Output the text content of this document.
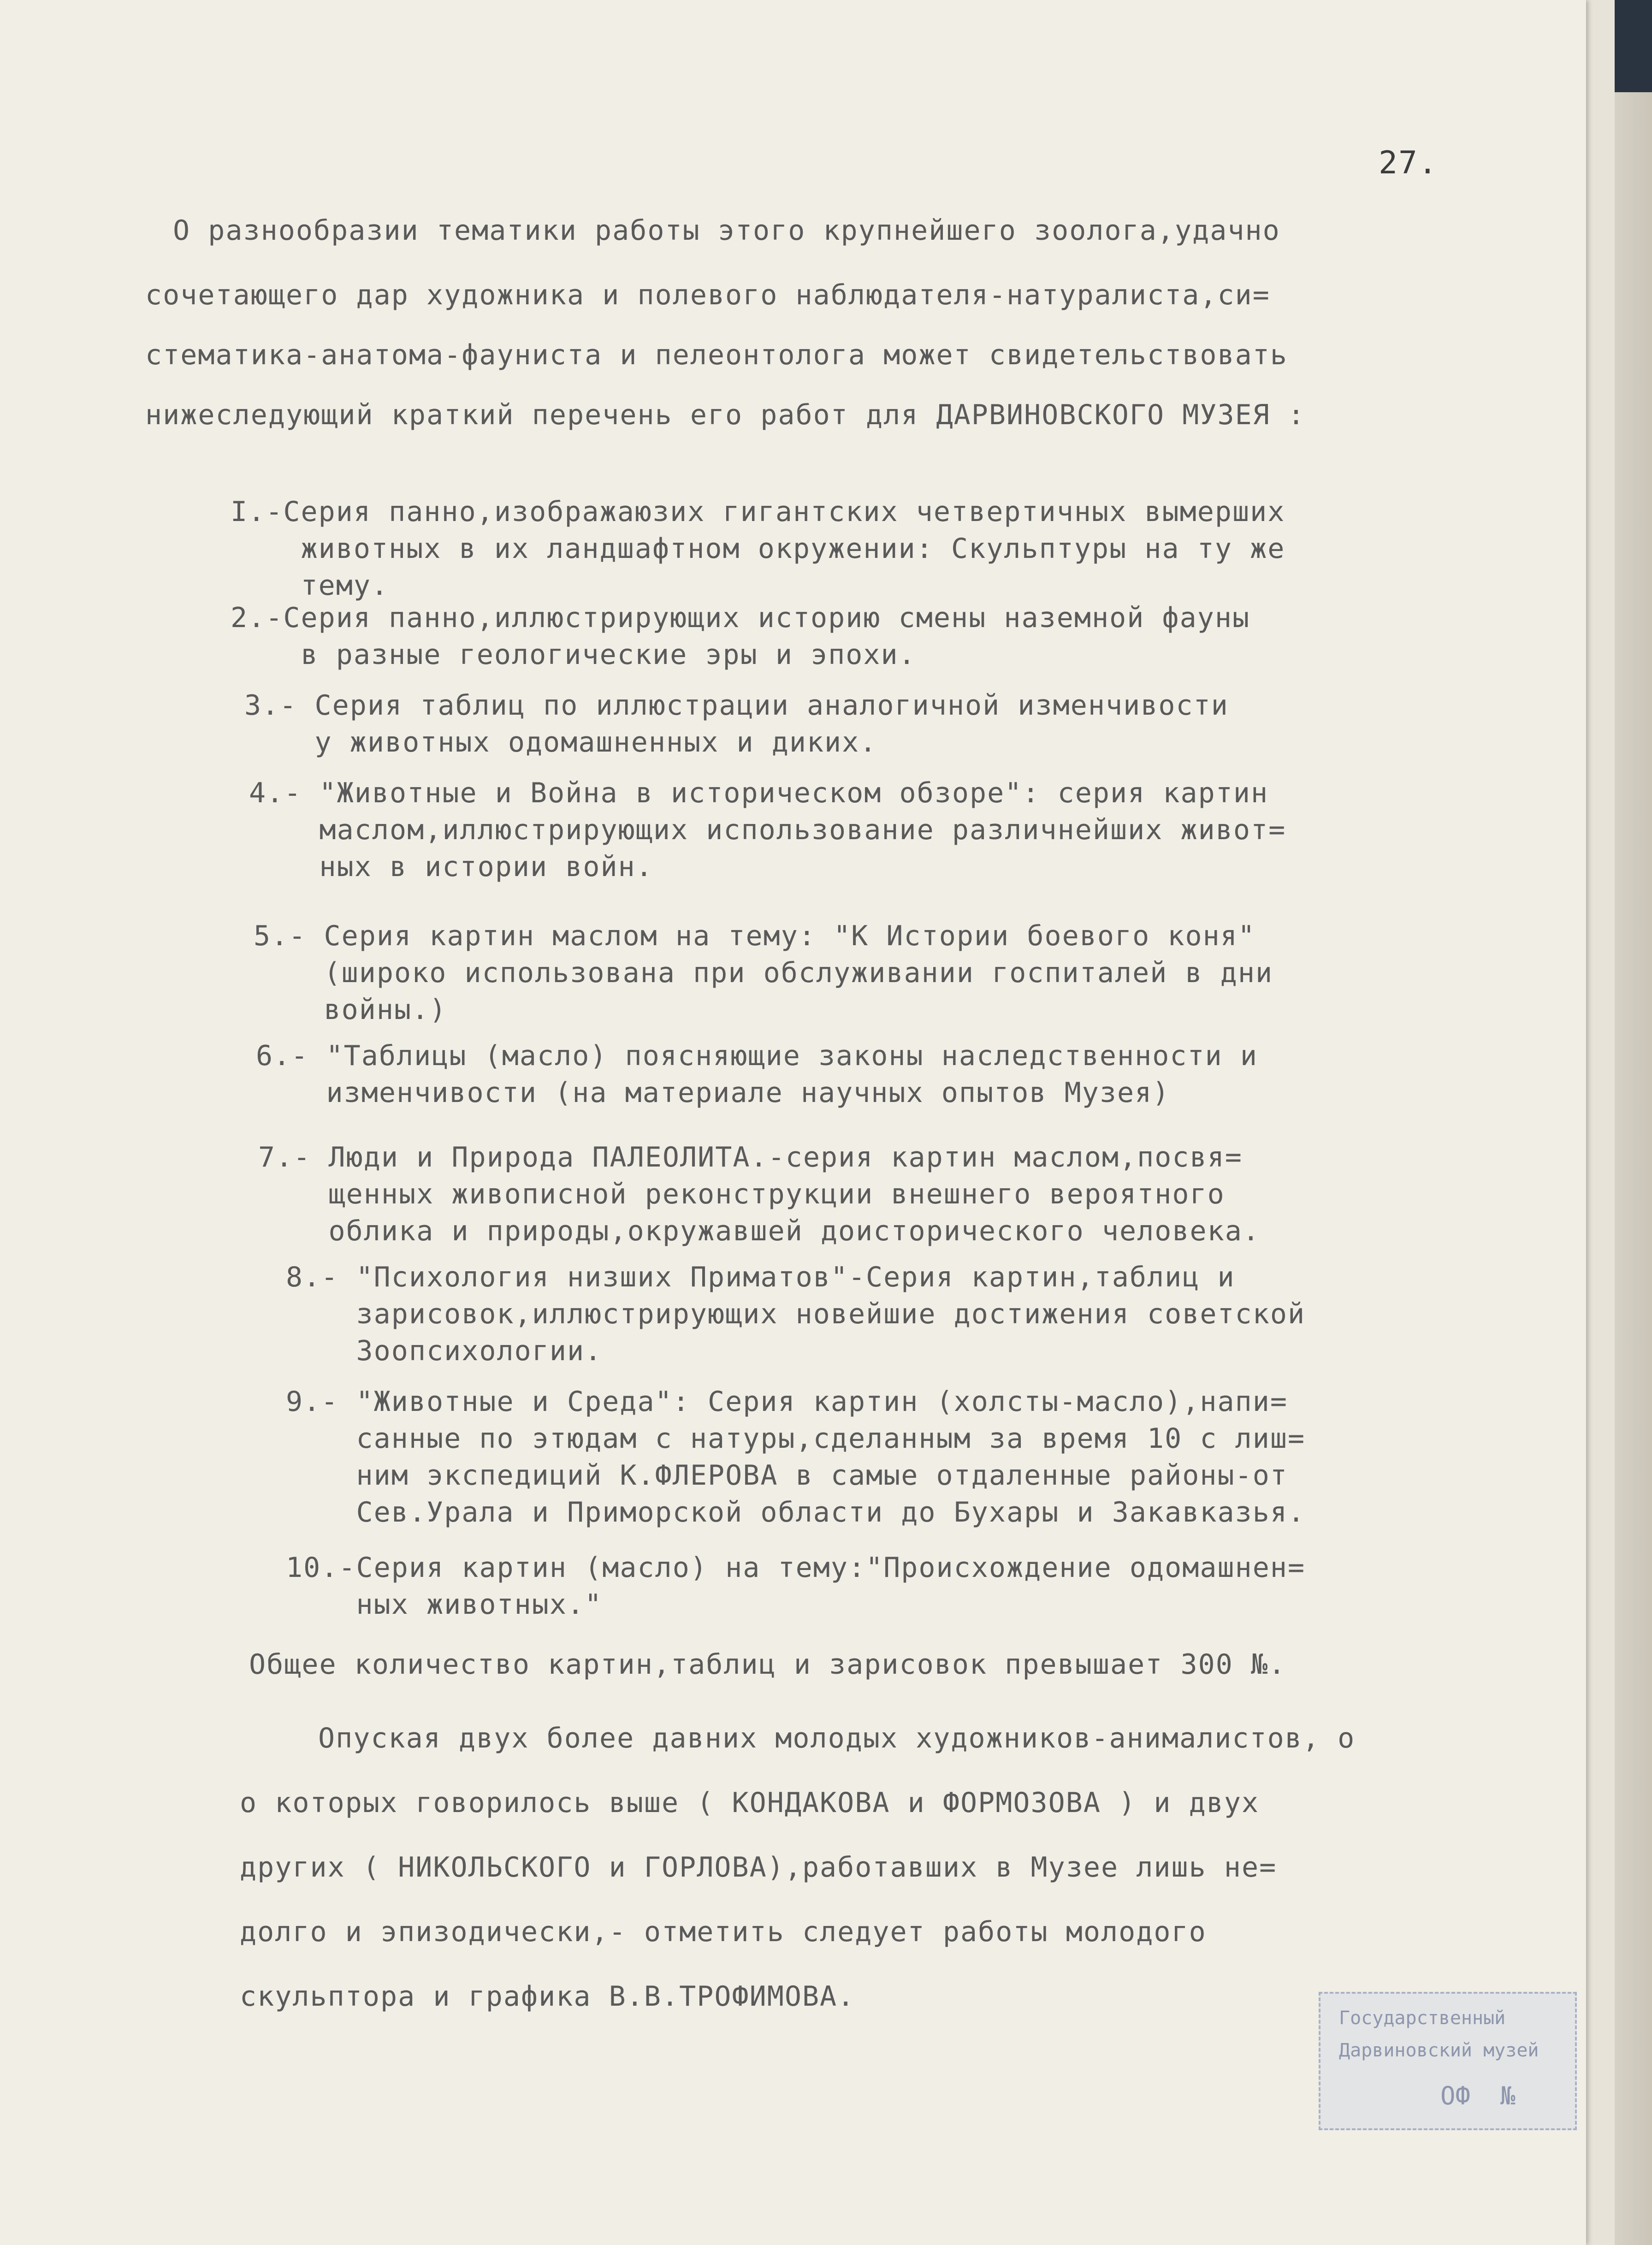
27.

О разнообразии тематики работы этого крупнейшего зоолога,удачно

сочетающего дар художника и полевого наблюдателя-натуралиста,си=

стематика-анатома-фауниста и пелеонтолога может свидетельствовать

нижеследующий краткий перечень его работ для ДАРВИНОВСКОГО МУЗЕЯ :

I.-Серия панно,изображаюзих гигантских четвертичных вымерших

животных в их ландшафтном окружении: Скульптуры на ту же

тему.

2.-Серия панно,иллюстрирующих историю смены наземной фауны

в разные геологические эры и эпохи.

3.- Серия таблиц по иллюстрации аналогичной изменчивости

у животных одомашненных и диких.

4.- "Животные и Война в историческом обзоре": серия картин

маслом,иллюстрирующих использование различнейших живот=

ных в истории войн.

5.- Серия картин маслом на тему: "К Истории боевого коня"

(широко использована при обслуживании госпиталей в дни

войны.)

6.- "Таблицы (масло) поясняющие законы наследственности и

изменчивости (на материале научных опытов Музея)

7.- Люди и Природа ПАЛЕОЛИТА.-серия картин маслом,посвя=

щенных живописной реконструкции внешнего вероятного

облика и природы,окружавшей доисторического человека.

8.- "Психология низших Приматов"-Серия картин,таблиц и

зарисовок,иллюстрирующих новейшие достижения советской

Зоопсихологии.

9.- "Животные и Среда": Серия картин (холсты-масло),напи=

санные по этюдам с натуры,сделанным за время 10 с лиш=

ним экспедиций К.ФЛЕРОВА в самые отдаленные районы-от

Сев.Урала и Приморской области до Бухары и Закавказья.

10.-Серия картин (масло) на тему:"Происхождение одомашнен=

ных животных."

Общее количество картин,таблиц и зарисовок превышает 300 №.

Опуская двух более давних молодых художников-анималистов, о

о которых говорилось выше ( КОНДАКОВА и ФОРМОЗОВА ) и двух

других ( НИКОЛЬСКОГО и ГОРЛОВА),работавших в Музее лишь не=

долго и эпизодически,- отметить следует работы молодого

скульптора и графика В.В.ТРОФИМОВА.

Государственный
Дарвиновский музей
ОФ  №
